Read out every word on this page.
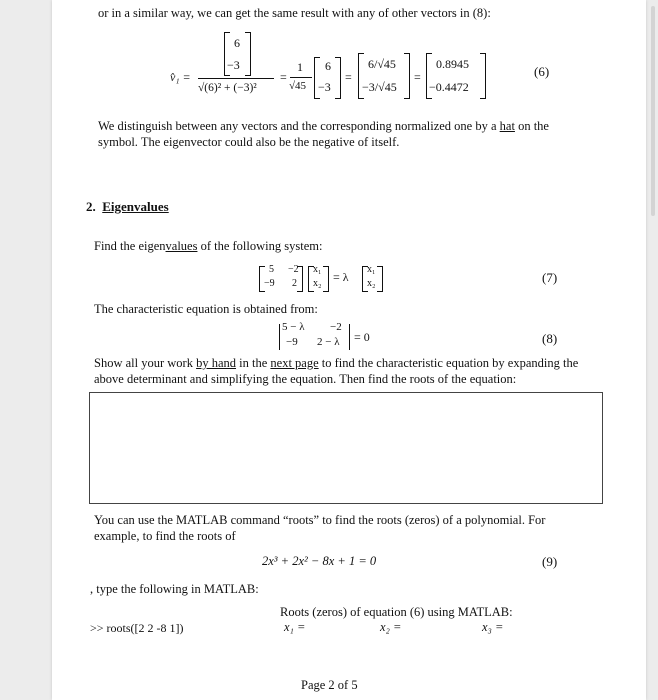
or in a similar way, we can get the same result with any of other vectors in (8):
v̂₁ =
6
−3
√(6)² + (−3)²
=
1
√45
6
−3
=
6/√45
−3/√45
=
0.8945
−0.4472
(6)
We distinguish between any vectors and the corresponding normalized one by a hat on the symbol. The eigenvector could also be the negative of itself.
2. Eigenvalues
Find the eigenvalues of the following system:
5 −2
−9 2
x₁
x₂ = λ
x₁
x₂	(7)
The characteristic equation is obtained from:
5 − λ −2
−9 2 − λ = 0	(8)
Show all your work by hand in the next page to find the characteristic equation by expanding the above determinant and simplifying the equation. Then find the roots of the equation:
You can use the MATLAB command “roots” to find the roots (zeros) of a polynomial. For example, to find the roots of
2x³ + 2x² − 8x + 1 = 0	(9)
, type the following in MATLAB:
Roots (zeros) of equation (6) using MATLAB:
>> roots([2 2 -8 1])	x₁ =	x₂ =	x₃ =
Page 2 of 5
